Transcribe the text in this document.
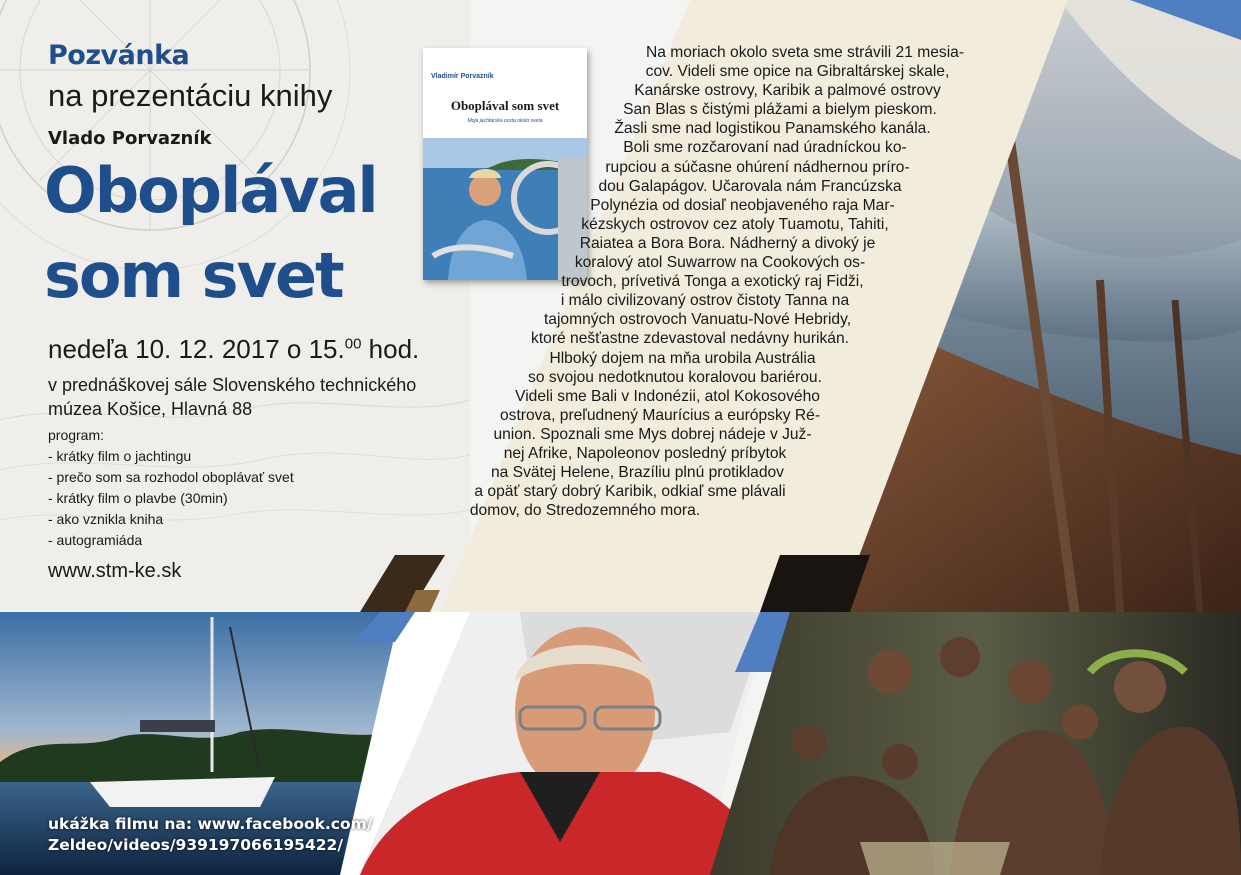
Pozvánka
na prezentáciu knihy
Vlado Porvazník
Oboplával
som svet
nedeľa 10. 12. 2017 o 15.00 hod.
v prednáškovej sále Slovenského technického
múzea Košice, Hlavná 88
program:
- krátky film o jachtingu
- prečo som sa rozhodol oboplávať svet
- krátky film o plavbe (30min)
- ako vznikla kniha
- autogramiáda
www.stm-ke.sk
Vladimír Porvazník
Oboplával som svet
Moja jachtárska cesta okolo sveta
Na moriach okolo sveta sme strávili 21 mesia-
cov. Videli sme opice na Gibraltárskej skale,
Kanárske ostrovy, Karibik a palmové ostrovy
San Blas s čistými plážami a bielym pieskom.
Žasli sme nad logistikou Panamského kanála.
Boli sme rozčarovaní nad úradníckou ko-
rupciou a súčasne ohúrení nádhernou príro-
dou Galapágov. Učarovala nám Francúzska
Polynézia od dosiaľ neobjaveného raja Mar-
kézskych ostrovov cez atoly Tuamotu, Tahiti,
Raiatea a Bora Bora. Nádherný a divoký je
koralový atol Suwarrow na Cookových os-
trovoch, prívetivá Tonga a exotický raj Fidži,
i málo civilizovaný ostrov čistoty Tanna na
tajomných ostrovoch Vanuatu-Nové Hebridy,
ktoré nešťastne zdevastoval nedávny hurikán.
Hlboký dojem na mňa urobila Austrália
so svojou nedotknutou koralovou bariérou.
Videli sme Bali v Indonézii, atol Kokosového
ostrova, preľudnený Maurícius a európsky Ré-
union. Spoznali sme Mys dobrej nádeje v Juž-
nej Afrike, Napoleonov posledný príbytok
na Svätej Helene, Brazíliu plnú protikladov
a opäť starý dobrý Karibik, odkiaľ sme plávali
domov, do Stredozemného mora.
ukážka filmu na: www.facebook.com/
Zeldeo/videos/939197066195422/
